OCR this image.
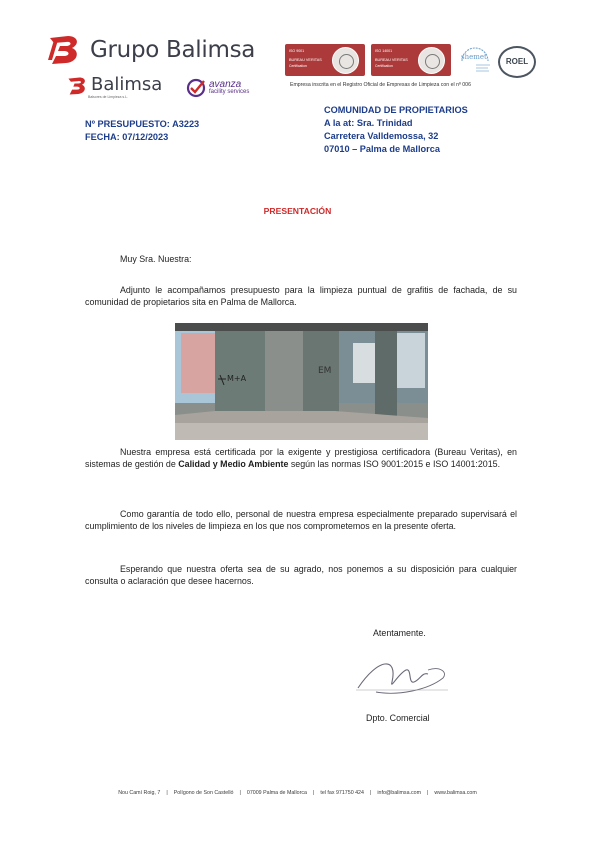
Grupo Balimsa
Balimsa
Balsores de Limpieza s.L.
avanza
facility services
ISO 9001
BUREAU VERITAS
Certification
ISO 14001
BUREAU VERITAS
Certification
shemet	ROEL
Empresa inscrita en el Registro Oficial de Empresas de Limpieza con el nº 006
Nº PRESUPUESTO: A3223
FECHA: 07/12/2023
COMUNIDAD DE PROPIETARIOS
A la at: Sra. Trinidad
Carretera Valldemossa, 32
07010 – Palma de Mallorca
PRESENTACIÓN
Muy Sra. Nuestra:
Adjunto le acompañamos presupuesto para la limpieza puntual de grafitis de fachada, de su comunidad de propietarios sita en Palma de Mallorca.
M+A
EM
Nuestra empresa está certificada por la exigente y prestigiosa certificadora (Bureau Veritas), en sistemas de gestión de Calidad y Medio Ambiente según las normas ISO 9001:2015 e ISO 14001:2015.
Como garantía de todo ello, personal de nuestra empresa especialmente preparado supervisará el cumplimiento de los niveles de limpieza en los que nos comprometemos en la presente oferta.
Esperando que nuestra oferta sea de su agrado, nos ponemos a su disposición para cualquier consulta o aclaración que desee hacernos.
Atentamente.
Dpto. Comercial
Nou Camí Roig, 7 | Polígono de Son Castelló | 07009 Palma de Mallorca | tel fax 971750 424 | info@balimsa.com | www.balimsa.com
